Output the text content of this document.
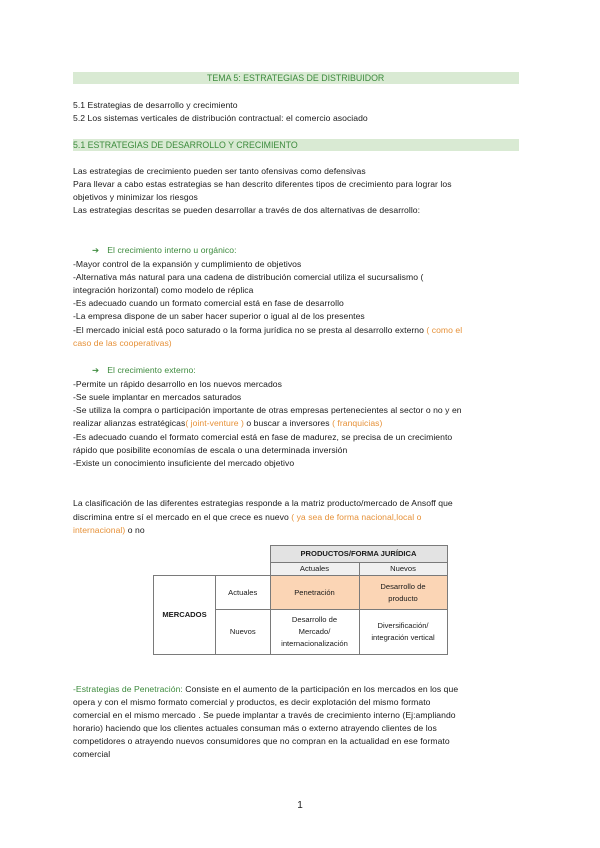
TEMA 5: ESTRATEGIAS DE DISTRIBUIDOR
5.1 Estrategias de desarrollo y crecimiento
5.2 Los sistemas verticales de distribución contractual: el comercio asociado
5.1 ESTRATEGIAS DE DESARROLLO Y CRECIMIENTO
Las estrategias de crecimiento pueden ser tanto ofensivas como defensivas
Para llevar a cabo estas estrategias se han descrito diferentes tipos de crecimiento para lograr los
objetivos y minimizar los riesgos
Las estrategias descritas se pueden desarrollar a través de dos alternativas de desarrollo:
➔ El crecimiento interno u orgánico:
-Mayor control de la expansión y cumplimiento de objetivos
-Alternativa más natural para una cadena de distribución comercial utiliza el sucursalismo (
integración horizontal) como modelo de réplica
-Es adecuado cuando un formato comercial está en fase de desarrollo
-La empresa dispone de un saber hacer superior o igual al de los presentes
-El mercado inicial está poco saturado o la forma jurídica no se presta al desarrollo externo ( como el
caso de las cooperativas)
➔ El crecimiento externo:
-Permite un rápido desarrollo en los nuevos mercados
-Se suele implantar en mercados saturados
-Se utiliza la compra o participación importante de otras empresas pertenecientes al sector o no y en
realizar alianzas estratégicas( joint-venture ) o buscar a inversores ( franquicias)
-Es adecuado cuando el formato comercial está en fase de madurez, se precisa de un crecimiento
rápido que posibilite economías de escala o una determinada inversión
-Existe un conocimiento insuficiente del mercado objetivo
La clasificación de las diferentes estrategias responde a la matriz producto/mercado de Ansoff que
discrimina entre sí el mercado en el que crece es nuevo ( ya sea de forma nacional,local o
internacional) o no
		PRODUCTOS/FORMA JURÍDICA	
		Actuales	Nuevos
MERCADOS	Actuales	Penetración	Desarrollo de
producto
	Nuevos	Desarrollo de
Mercado/
internacionalización	Diversificación/
integración vertical
-Estrategias de Penetración: Consiste en el aumento de la participación en los mercados en los que
opera y con el mismo formato comercial y productos, es decir explotación del mismo formato
comercial en el mismo mercado . Se puede implantar a través de crecimiento interno (Ej:ampliando
horario) haciendo que los clientes actuales consuman más o externo atrayendo clientes de los
competidores o atrayendo nuevos consumidores que no compran en la actualidad en ese formato
comercial
1
